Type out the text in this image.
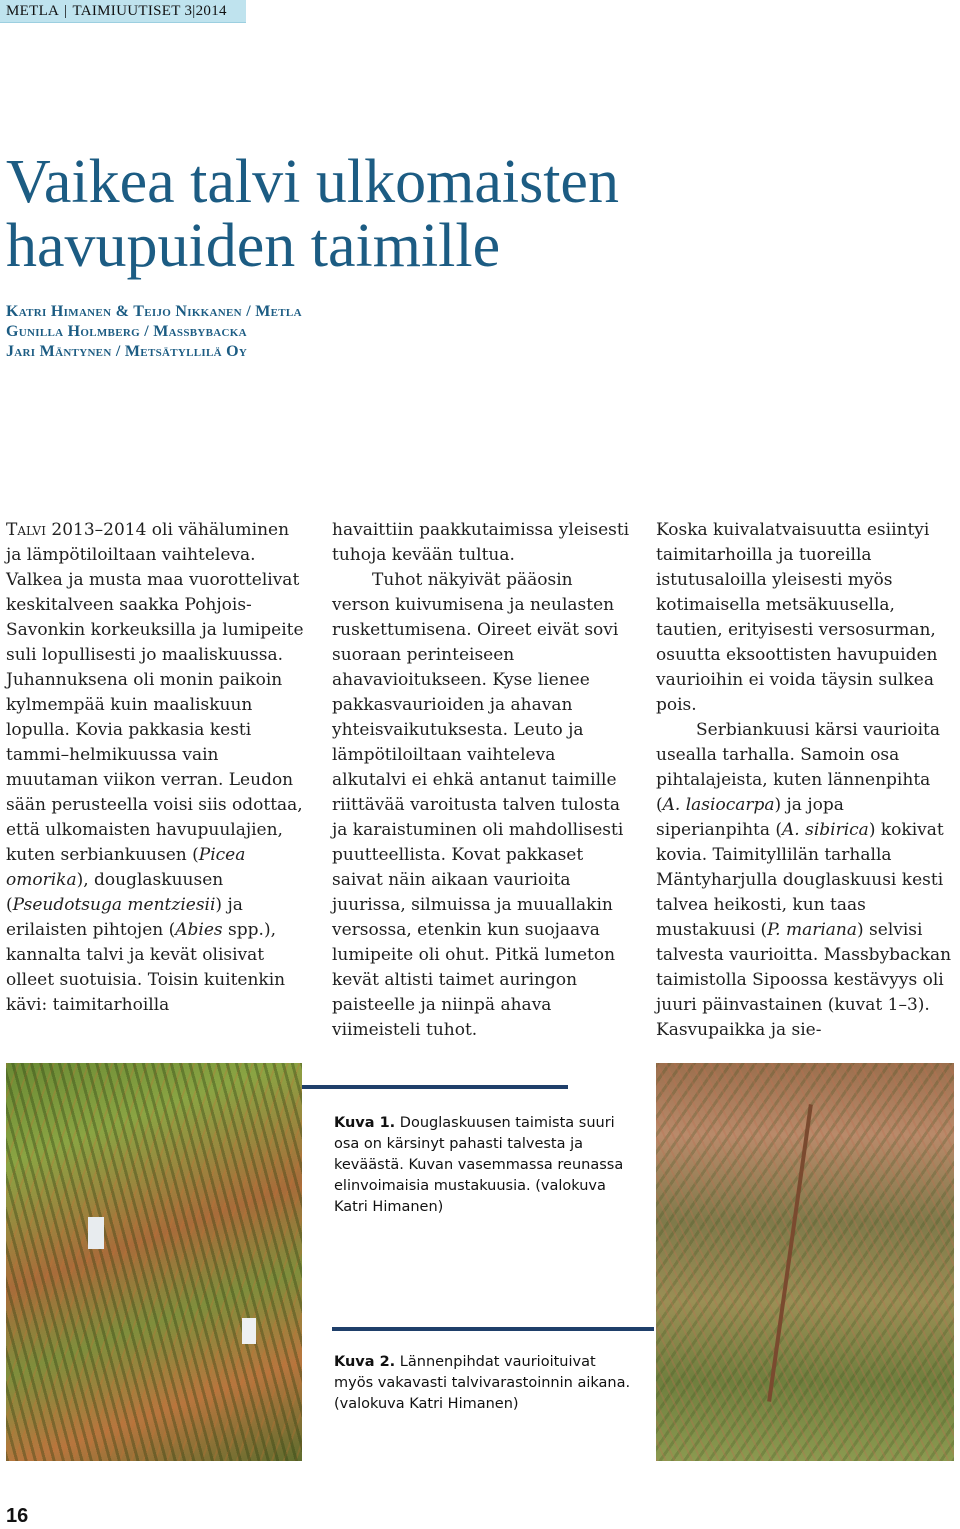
METLA | TAIMIUUTISET 3|2014
Vaikea talvi ulkomaisten
havupuiden taimille
Katri Himanen & Teijo Nikkanen / Metla
Gunilla Holmberg / Massbybacka
Jari Mäntynen / Metsätyllilä Oy

Talvi 2013–2014 oli vähäluminen ja lämpötiloiltaan vaihteleva. Valkea ja musta maa vuorottelivat keskitalveen saakka Pohjois-Savonkin korkeuksilla ja lumipeite suli lopullisesti jo maaliskuussa. Juhannuksena oli monin paikoin kylmempää kuin maaliskuun lopulla. Kovia pakkasia kesti tammi–helmikuussa vain muutaman viikon verran. Leudon sään perusteella voisi siis odottaa, että ulkomaisten havupuulajien, kuten serbiankuusen (Picea omorika), douglaskuusen (Pseudotsuga mentziesii) ja erilaisten pihtojen (Abies spp.), kannalta talvi ja kevät olisivat olleet suotuisia. Toisin kuitenkin kävi: taimitarhoilla

havaittiin paakkutaimissa yleisesti tuhoja kevään tultua.

Tuhot näkyivät pääosin verson kuivumisena ja neulasten ruskettumisena. Oireet eivät sovi suoraan perinteiseen ahavavioitukseen. Kyse lienee pakkasvaurioiden ja ahavan yhteisvaikutuksesta. Leuto ja lämpötiloiltaan vaihteleva alkutalvi ei ehkä antanut taimille riittävää varoitusta talven tulosta ja karaistuminen oli mahdollisesti puutteellista. Kovat pakkaset saivat näin aikaan vaurioita juurissa, silmuissa ja muuallakin versossa, etenkin kun suojaava lumipeite oli ohut. Pitkä lumeton kevät altisti taimet auringon paisteelle ja niinpä ahava viimeisteli tuhot.

Koska kuivalatvaisuutta esiintyi taimitarhoilla ja tuoreilla istutusaloilla yleisesti myös kotimaisella metsäkuusella, tautien, erityisesti versosurman, osuutta eksoottisten havupuiden vaurioihin ei voida täysin sulkea pois.

Serbiankuusi kärsi vaurioita usealla tarhalla. Samoin osa pihtalajeista, kuten lännenpihta (A. lasiocarpa) ja jopa siperianpihta (A. sibirica) kokivat kovia. Taimityllilän tarhalla Mäntyharjulla douglaskuusi kesti talvea heikosti, kun taas mustakuusi (P. mariana) selvisi talvesta vaurioitta. Massbybackan taimistolla Sipoossa kestävyys oli juuri päinvastainen (kuvat 1–3). Kasvupaikka ja sie-

Kuva 1. Douglaskuusen taimista suuri osa on kärsinyt pahasti talvesta ja keväästä. Kuvan vasemmassa reunassa elinvoimaisia mustakuusia. (valokuva Katri Himanen)
Kuva 2. Lännenpihdat vaurioituivat myös vakavasti talvivarastoinnin aikana. (valokuva Katri Himanen)
16
